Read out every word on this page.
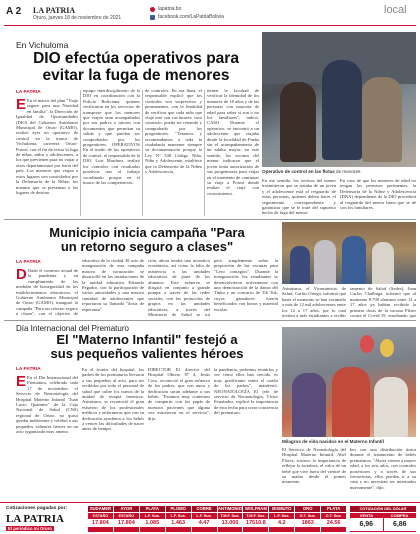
A 2 LA PATRIA
Oruro, jueves 18 de noviembre de 2021
lapatria.bo
facebook.com/LaPatriaBolivia
local
En Vichuloma
DIO efectúa operativos para
evitar la fuga de menores
Operativo de control en las flotas de menores.
LA PATRIA
E En el marco del plan "Viaje seguro para una Navidad en familia", la Dirección de Igualdad de Oportunidades (DIO) del Gobierno Autónomo Municipal de Oruro (GAMO), realizó ayer un operativo de control en la tranca de Vichuloma, carretera Oruro-Potosí, con el fin de evitar la fuga de niñas, niños y adolescentes, a los que previenen para no viajar a otros departamentos por fuera del país. Los menores que viajan a estos lugares son controlados por la Defensoría de la Niñez, los mismos que se presentan a los lugares de destino.
equipo interdisciplinario de la DIO en coordinación con la Policía Boliviana, quienes verificaron en los servicios de transporte que los menores que viajen sean acompañados por sus padres o tutores con documentos que permitan su salida y que puedan ser comprobados por los progenitores. OPERATIVOS En el modo de los operativos de control, el responsable de la DIO, Luis Martínez, realizó los controles con resultados positivos tras el trabajo coordinado porque en el marco de las competencias.
de controles. En esa línea, el responsable explicó que los controles son sorpresivos y permanentes, con la finalidad de verificar que cada niño que viaje esté con sus tutores, caso contrario, pueda ser retenido y comprobado por los progenitores. "Tenemos y recomendamos a toda la ciudadanía mantener siempre su documentación porque la Ley Nº 548 Código Niña, Niño y Adolescente, establece que la Defensoría de la Niñez y Adolescencia,
tienen la facultad de verificar la identidad de los menores de 18 años y de las personas con mayoría de edad para saber si son o no los familiares", indicó. CASO Durante el operativo, se encontró a un adolescente que viajaba desde la localidad de Pazña sin el acompañamiento de un adulto mayor, en este sentido, los vecinos del menor indicaron que el joven tenía autorización de sus progenitores para viajar en el momento de continuar su viaje a Potosí donde realizó el viaje con conocimiento.
En ese sentido, los vecinos del menor trasmitieron que se trataba de un joven y el adolescente está al resguardo de estas personas, quienes deben hacer el seguimiento correspondiente y garantizar que se le traté del supuesto hecho de fuga del menor.
En caso de que los menores de edad no tengan los permisos pertinentes, la Defensoría de la Niñez y Adolescencia (DNA) dependiente de la DIO procederá al resguardo del menor hasta que se dé con los familiares.
Municipio inicia campaña "Para
un retorno seguro a clases"
LA PATRIA
D Dado el contexto actual de la pandemia y en cumplimiento de las medidas de bioseguridad en los establecimientos educativos, el Gobierno Autónomo Municipal de Oruro (GAMO), inauguró la campaña "Para un retorno seguro a clases", con el objetivo de
educativa de la ciudad. El acto de inauguración de esta campaña masiva de vacunación se desarrolló en las instalaciones de la unidad educativa Eduardo Pagador, con la participación de varias autoridades y una masiva cantidad de adolescentes que reportaron su llamado "dosis de esperanza".
ción, ahora tendrá una incentivo económico, así como la falta de asistencia a las unidades educativas de parte de los alumnos. Este esfuerzo se dirigirá en conjunto a grande pompa a través de las redes sociales, con los protocolos de grupos en las unidades educativas, a través del Ministerio de Salud se irá
pero simplemente sobre la proporción de las vacunas para "Cero contagios". Durante la inauguración, los estudiantes se desenvolvieron activamente con una demostración de la danza del Tinku y un concurso de Tik Tok, cuyos ganadores fueron beneficiados con bonos y material escolar.
Asimismo, el Viceministro de Salud, Carlos Ortega, informó que hasta el momento se han vacunado a más de 12 mil adolescentes entre los 12 a 17 años, por lo cual invitan a más estudiantes a recibir
tamento de Salud (Sedes), Juan Carlos Chalhuga, informó que al momento 8.700 alumnos entre 12 a 17 años ya habían recibido la primera dosis de la vacuna Pfizer contra el Covid-19, enseñando que
Día Internacional del Prematuro
El "Materno Infantil" festejó a
sus pequeños valientes héroes
Milagros de vida nacidos en el Materno Infantil
LA PATRIA
E En el Día Internacional del Prematuro, celebrado cada 17 de noviembre, el Servicio de Neonatología del Hospital Materno Infantil "Juan Lucio Quarante" de la Caja Nacional de Salud (CNS) regional de Oruro, no quiso quedar indiferente y celebró a sus pequeños valientes héroes en un acto organizado muy ameno.
En el frontis del hospital, los padres de los prematuros llevaron a sus pequeños al acto, para ser recibidos por todo el personal de salud que cubre los turnos de la unidad de terapia intensiva. Asimismo, se reconoció el gran esfuerzo de los profesionales médicos y enfermeras que con su dedicación ayudaron a los bebés a vencer las dificultades de nacer antes de tiempo.
DIRECTOR El director del Hospital Obrero Nº 4, Jesús Coro, reconoció el gran esfuerzo de los padres, que con amor y dedicación sacan adelante a sus bebés. "Estamos muy contentos de compartir con los papás de nuestros pacientes que alguna vez estuvieron en el servicio", dijo.
la pandemia, podemos reunirlos y ver cómo ellos han crecido, es muy gratificante sentir el cariño de los padres", manifestó. NEONATOLOGÍA El jefe de servicio de Neonatología, Víctor Fernández, explicó la importancia de esta fecha para crear conciencia del prematuro.
El Servicio de Neonatología del Hospital Materno Infantil, Abel Flores, sostuvo la importancia de reflejar la fortaleza, el valor de un bebé que vive fuera del vientre de su madre desde el primer momento.
bes con una distribución única durante el tratamiento de bebés prematuros. "Ahora vienen a mayor edad, a los seis años, con controles posteriores y a través de sus frecuencias, ellos pueden ir a su casa y no necesitan ser internados nuevamente", dijo.
Cotizaciones pagadas por:
LA PATRIA
El periódico mi Oruro
SUDAMER
ESTAÑO
17.804
AYOR
ESTAÑO
17.804
PLATA
L.F. Sus.
1.085
PLOMO
L.F. Sus.
1.463
COBRE
L.F. Sus.
4.47
ANTIMONIO
T.M.F. Sus.
13.000
WOLFRAM
T.M.F. Sus.
17510.8
BISMUTO
L.F. Sus.
4.2
ORO
O.T. Sus.
1863
PLATA
O.T. Sus.
24.56
COTIZACIÓN DEL DÓLAR
VENTA	COMPRA
6,96	6,86
